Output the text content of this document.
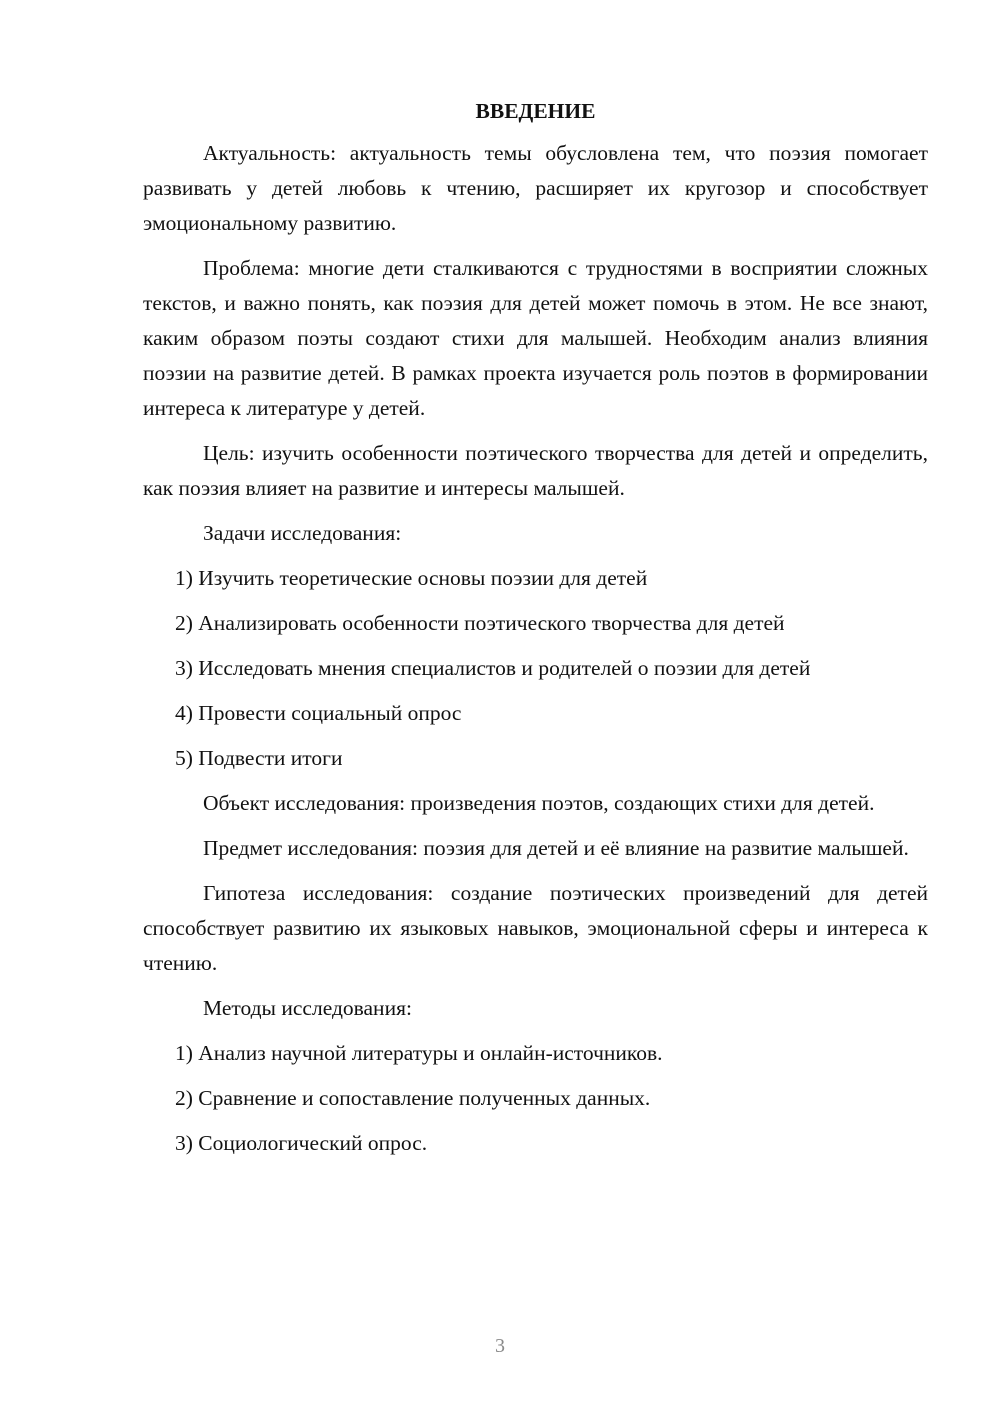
ВВЕДЕНИЕ

Актуальность: актуальность темы обусловлена тем, что поэзия помогает развивать у детей любовь к чтению, расширяет их кругозор и способствует эмоциональному развитию.

Проблема: многие дети сталкиваются с трудностями в восприятии сложных текстов, и важно понять, как поэзия для детей может помочь в этом. Не все знают, каким образом поэты создают стихи для малышей. Необходим анализ влияния поэзии на развитие детей. В рамках проекта изучается роль поэтов в формировании интереса к литературе у детей.

Цель: изучить особенности поэтического творчества для детей и определить, как поэзия влияет на развитие и интересы малышей.

Задачи исследования:

1) Изучить теоретические основы поэзии для детей
2) Анализировать особенности поэтического творчества для детей
3) Исследовать мнения специалистов и родителей о поэзии для детей
4) Провести социальный опрос
5) Подвести итоги

Объект исследования: произведения поэтов, создающих стихи для детей.

Предмет исследования: поэзия для детей и её влияние на развитие малышей.

Гипотеза исследования: создание поэтических произведений для детей способствует развитию их языковых навыков, эмоциональной сферы и интереса к чтению.

Методы исследования:

1) Анализ научной литературы и онлайн-источников.
2) Сравнение и сопоставление полученных данных.
3) Социологический опрос.
3
